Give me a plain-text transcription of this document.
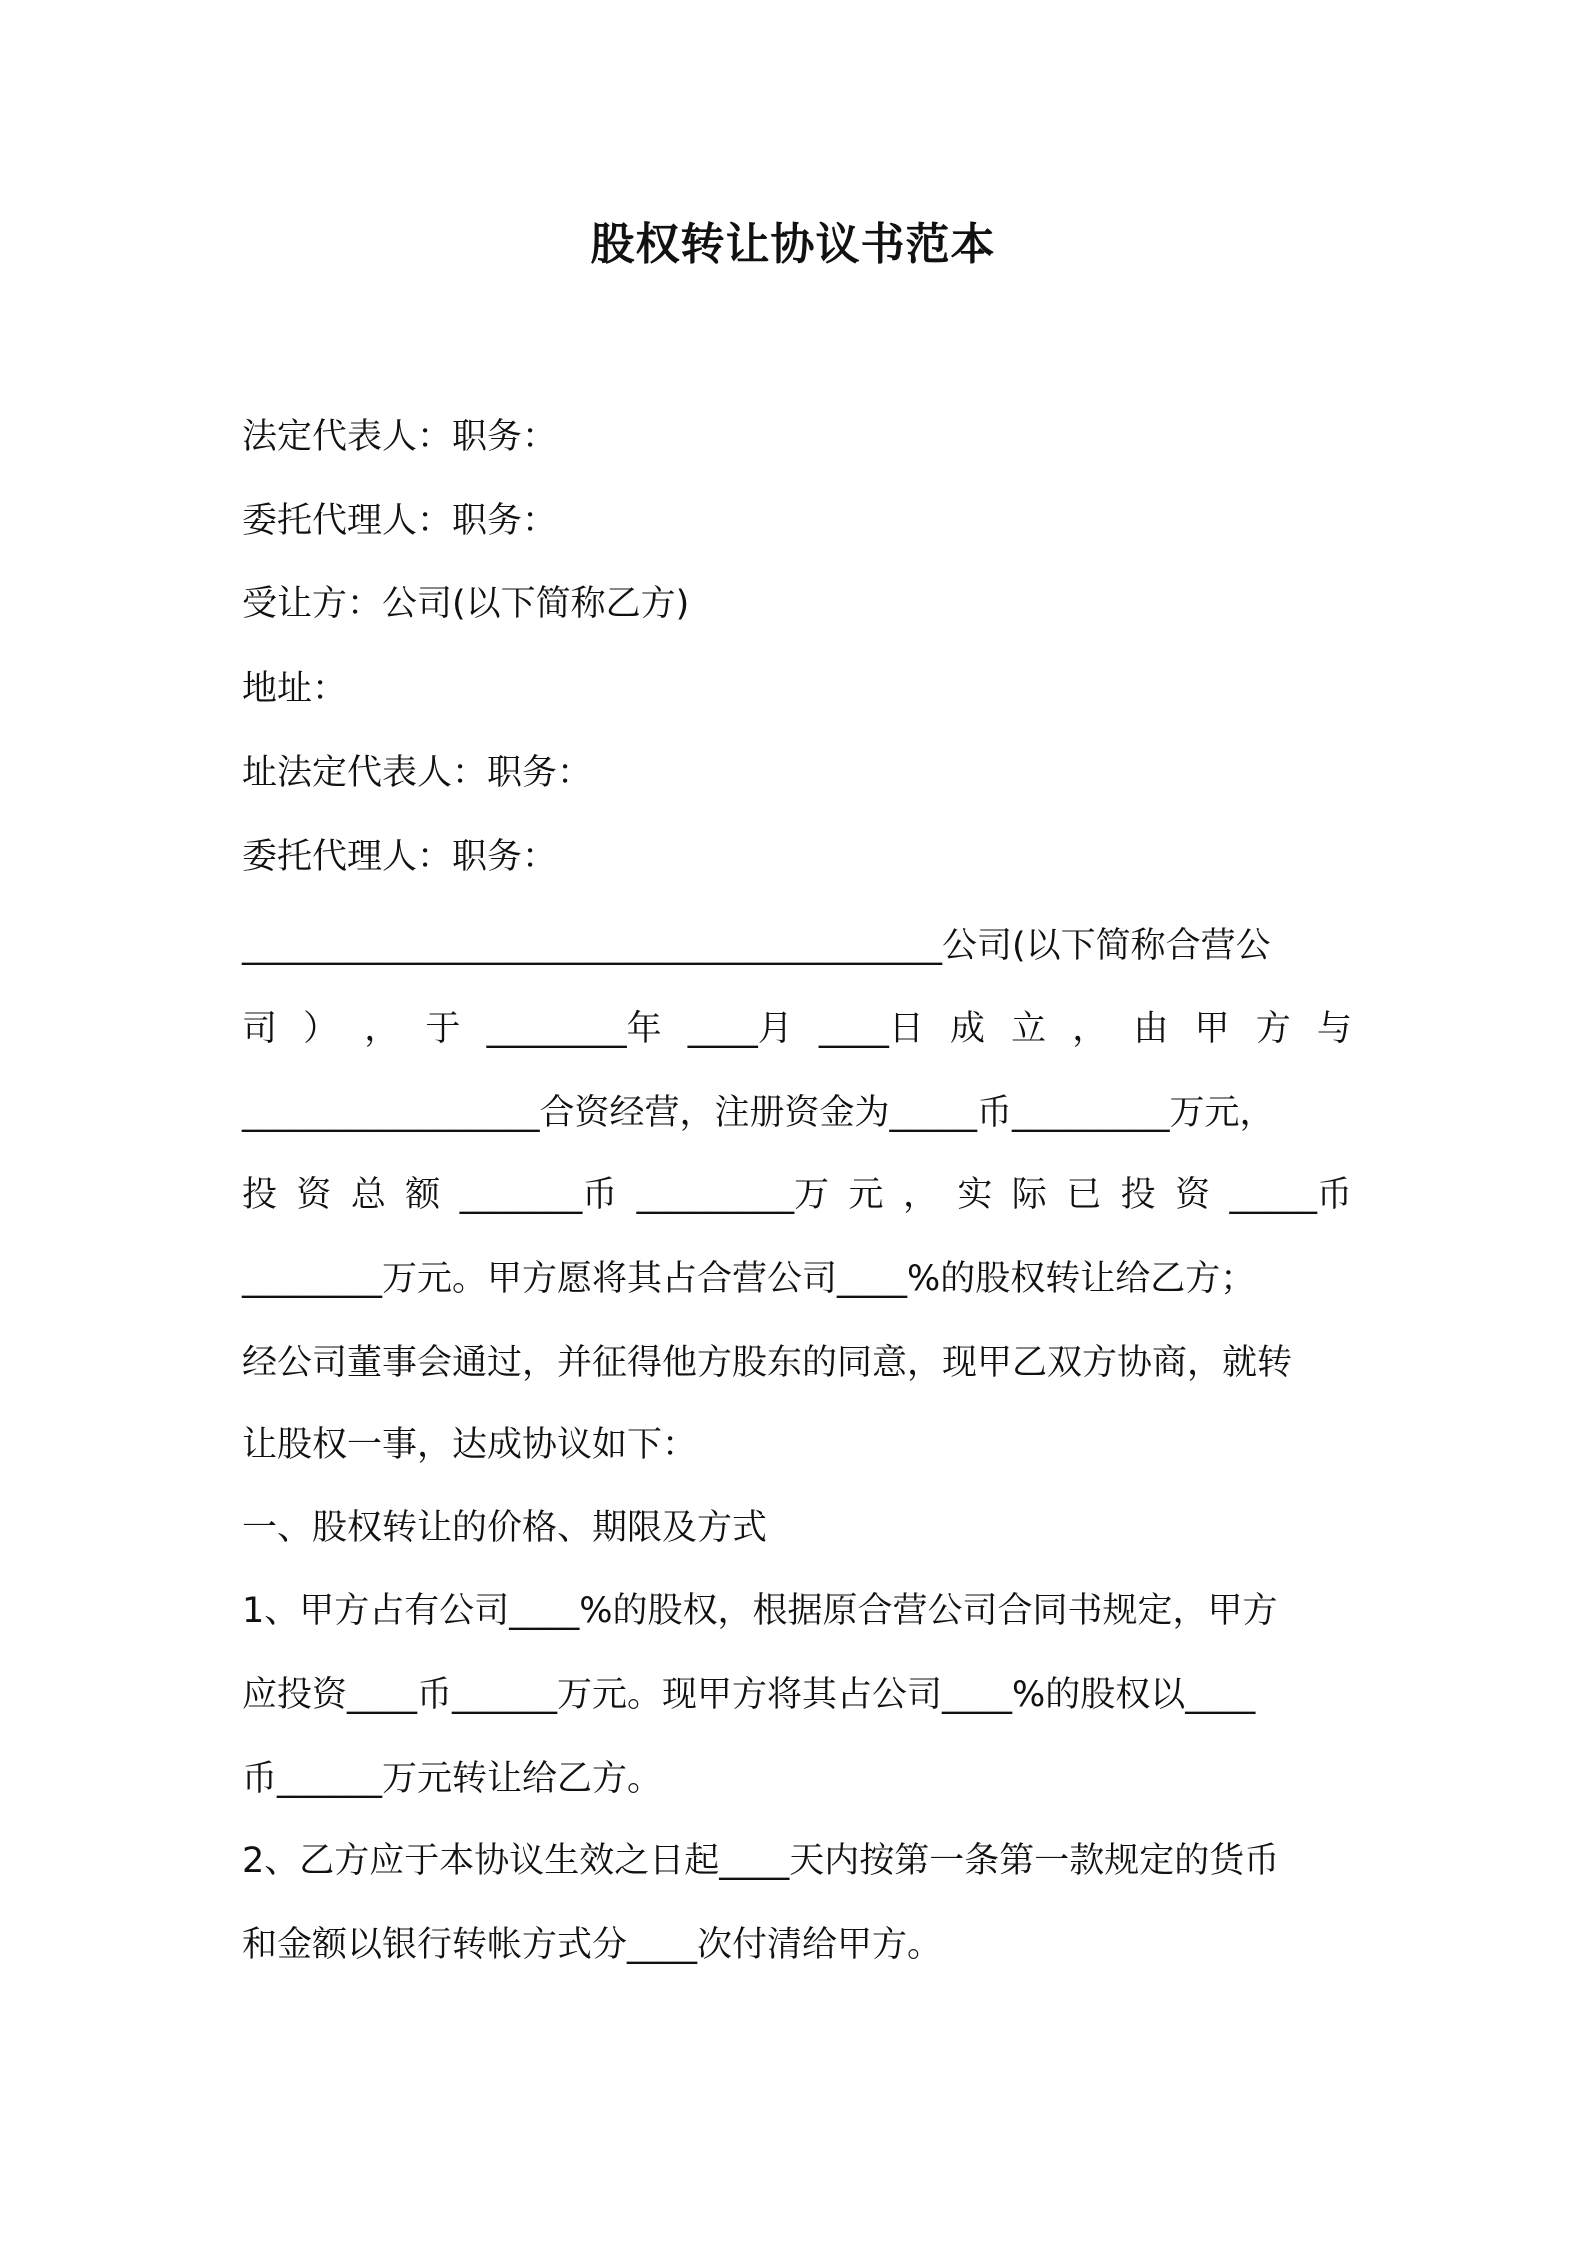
股权转让协议书范本
法定代表人：职务：
委托代理人：职务：
受让方：公司(以下简称乙方)
地址：
址法定代表人：职务：
委托代理人：职务：
________________________________________公司(以下简称合营公
司 ） ， 于 ________年 ____月 ____日 成 立 ， 由 甲 方 与
_________________合资经营，注册资金为_____币_________万元，
投 资 总 额 _______币 _________万 元 ， 实 际 已 投 资 _____币
________万元。甲方愿将其占合营公司____%的股权转让给乙方；
经公司董事会通过，并征得他方股东的同意，现甲乙双方协商，就转
让股权一事，达成协议如下：
一、股权转让的价格、期限及方式
1、甲方占有公司____%的股权，根据原合营公司合同书规定，甲方
应投资____币______万元。现甲方将其占公司____%的股权以____
币______万元转让给乙方。
2、乙方应于本协议生效之日起____天内按第一条第一款规定的货币
和金额以银行转帐方式分____次付清给甲方。
